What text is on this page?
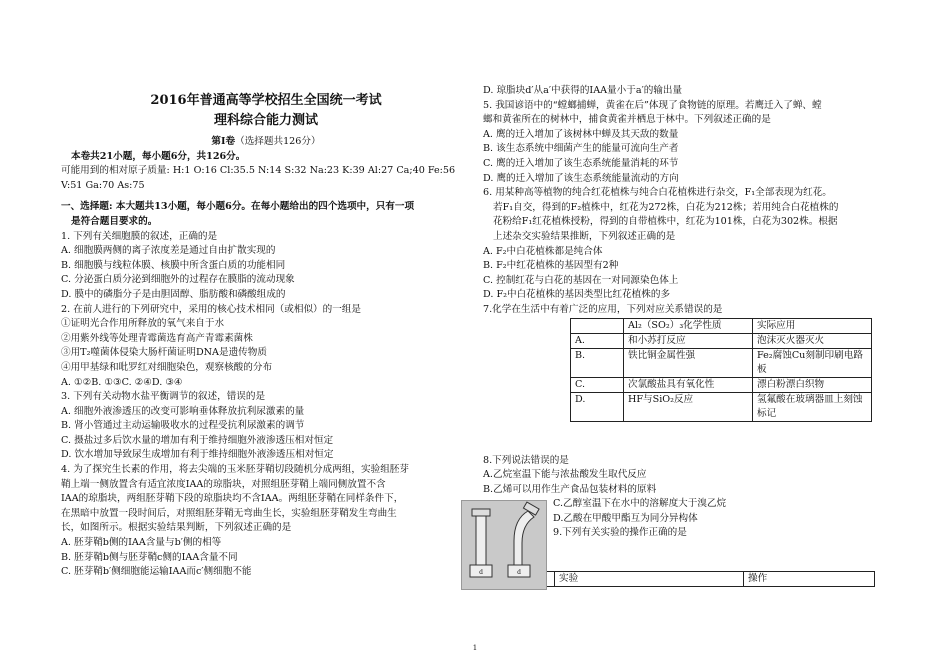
2016年普通高等学校招生全国统一考试
理科综合能力测试
第Ⅰ卷（选择题共126分）
本卷共21小题，每小题6分，共126分。
可能用到的相对原子质量: H:1 O:16 Cl:35.5 N:14 S:32 Na:23 K:39 Al:27 Ca;40 Fe:56
V:51 Ga:70 As:75
一、选择题: 本大题共13小题，每小题6分。在每小题给出的四个选项中，只有一项
是符合题目要求的。
1. 下列有关细胞膜的叙述，正确的是
A. 细胞膜两侧的离子浓度差是通过自由扩散实现的
B. 细胞膜与线粒体膜、核膜中所含蛋白质的功能相同
C. 分泌蛋白质分泌到细胞外的过程存在膜脂的流动现象
D. 膜中的磷脂分子是由胆固醇、脂肪酸和磷酸组成的
2. 在前人进行的下列研究中，采用的核心技术相同（或相似）的一组是
①证明光合作用所释放的氧气来自于水
②用紫外线等处理青霉菌选育高产青霉素菌株
③用T₂噬菌体侵染大肠杆菌证明DNA是遗传物质
④用甲基绿和吡罗红对细胞染色，观察核酸的分布
A. ①②B. ①③C. ②④D. ③④
3. 下列有关动物水盐平衡调节的叙述，错误的是
A. 细胞外液渗透压的改变可影响垂体释放抗利尿激素的量
B. 肾小管通过主动运输吸收水的过程受抗利尿激素的调节
C. 摄盐过多后饮水量的增加有利于维持细胞外液渗透压相对恒定
D. 饮水增加导致尿生成增加有利于维持细胞外液渗透压相对恒定
4. 为了探究生长素的作用，将去尖端的玉米胚芽鞘切段随机分成两组，实验组胚芽
鞘上端一侧放置含有适宜浓度IAA的琼脂块，对照组胚芽鞘上端同侧放置不含
IAA的琼脂块，两组胚芽鞘下段的琼脂块均不含IAA。两组胚芽鞘在同样条件下，
在黑暗中放置一段时间后，对照组胚芽鞘无弯曲生长，实验组胚芽鞘发生弯曲生
长，如图所示。根据实验结果判断，下列叙述正确的是
A. 胚芽鞘b侧的IAA含量与b′侧的相等
B. 胚芽鞘b侧与胚芽鞘c侧的IAA含量不同
C. 胚芽鞘b′侧细胞能运输IAA而c′侧细胞不能
D. 琼脂块d′从a′中获得的IAA量小于a′的输出量
5. 我国谚语中的“螳螂捕蝉，黄雀在后”体现了食物链的原理。若鹰迁入了蝉、螳
螂和黄雀所在的树林中，捕食黄雀并栖息于林中。下列叙述正确的是
A. 鹰的迁入增加了该树林中蝉及其天敌的数量
B. 该生态系统中细菌产生的能量可流向生产者
C. 鹰的迁入增加了该生态系统能量消耗的环节
D. 鹰的迁入增加了该生态系统能量流动的方向
6. 用某种高等植物的纯合红花植株与纯合白花植株进行杂交，F₁全部表现为红花。
若F₁自交，得到的F₂植株中，红花为272株，白花为212株；若用纯合白花植株的
花粉给F₁红花植株授粉，得到的自带植株中，红花为101株，白花为302株。根据
上述杂交实验结果推断，下列叙述正确的是
A. F₂中白花植株都是纯合体
B. F₂中红花植株的基因型有2种
C. 控制红花与白花的基因在一对同源染色体上
D. F₂中白花植株的基因类型比红花植株的多
7.化学在生活中有着广泛的应用，下列对应关系错误的是
	Al₂（SO₂）₃化学性质	实际应用
A.	和小苏打反应	泡沫灭火器灭火
B.	铁比铜金属性强	Fe₂腐蚀Cu刻制印刷电路板
C.	次氯酸盐具有氧化性	漂白粉漂白织物
D.	HF与SiO₂反应	氢氟酸在玻璃器皿上刻蚀标记
8.下列说法错误的是
A.乙烷室温下能与浓盐酸发生取代反应
B.乙烯可以用作生产食品包装材料的原料
C.乙醇室温下在水中的溶解度大于溴乙烷
D.乙酸在甲酸甲酯互为同分异构体
9.下列有关实验的操作正确的是
	实验	操作
d	d
1
